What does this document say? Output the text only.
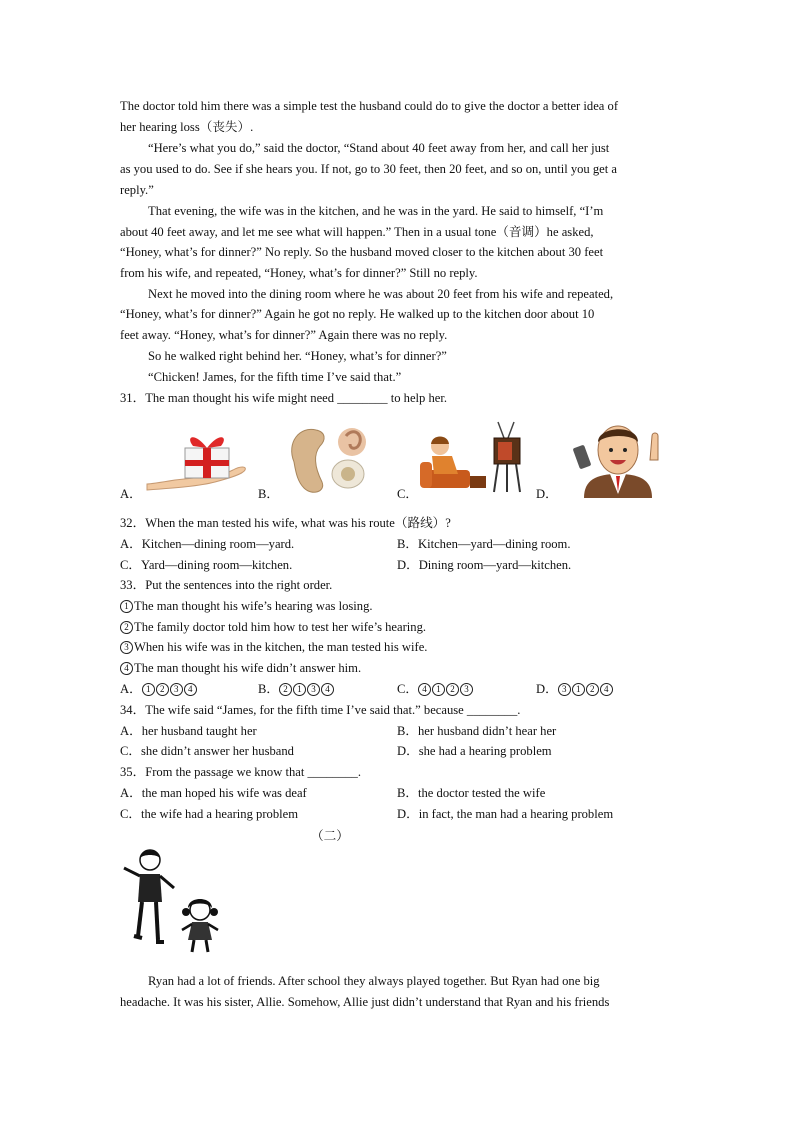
The doctor told him there was a simple test the husband could do to give the doctor a better idea of
her hearing loss（丧失）.
“Here’s what you do,” said the doctor, “Stand about 40 feet away from her, and call her just
as you used to do. See if she hears you. If not, go to 30 feet, then 20 feet, and so on, until you get a
reply.”
That evening, the wife was in the kitchen, and he was in the yard. He said to himself, “I’m
about 40 feet away, and let me see what will happen.” Then in a usual tone（音调）he asked,
“Honey, what’s for dinner?” No reply. So the husband moved closer to the kitchen about 30 feet
from his wife, and repeated, “Honey, what’s for dinner?” Still no reply.
Next he moved into the dining room where he was about 20 feet from his wife and repeated,
“Honey, what’s for dinner?” Again he got no reply. He walked up to the kitchen door about 10
feet away. “Honey, what’s for dinner?” Again there was no reply.
So he walked right behind her. “Honey, what’s for dinner?”
“Chicken! James, for the fifth time I’ve said that.”
31．The man thought his wife might need ________ to help her.
A．	B．	C．	D．
32．When the man tested his wife, what was his route（路线）?
A．Kitchen—dining room—yard.	B．Kitchen—yard—dining room.
C．Yard—dining room—kitchen.	D．Dining room—yard—kitchen.
33．Put the sentences into the right order.
1 The man thought his wife’s hearing was losing.
2 The family doctor told him how to test her wife’s hearing.
3 When his wife was in the kitchen, the man tested his wife.
4 The man thought his wife didn’t answer him.
A． 1 2 3 4	B． 2 1 3 4	C． 4 1 2 3	D． 3 1 2 4
34．The wife said “James, for the fifth time I’ve said that.” because ________.
A．her husband taught her	B．her husband didn’t hear her
C．she didn’t answer her husband	D．she had a hearing problem
35．From the passage we know that ________.
A．the man hoped his wife was deaf	B．the doctor tested the wife
C．the wife had a hearing problem	D．in fact, the man had a hearing problem
（二）
Ryan had a lot of friends. After school they always played together. But Ryan had one big
headache. It was his sister, Allie. Somehow, Allie just didn’t understand that Ryan and his friends
